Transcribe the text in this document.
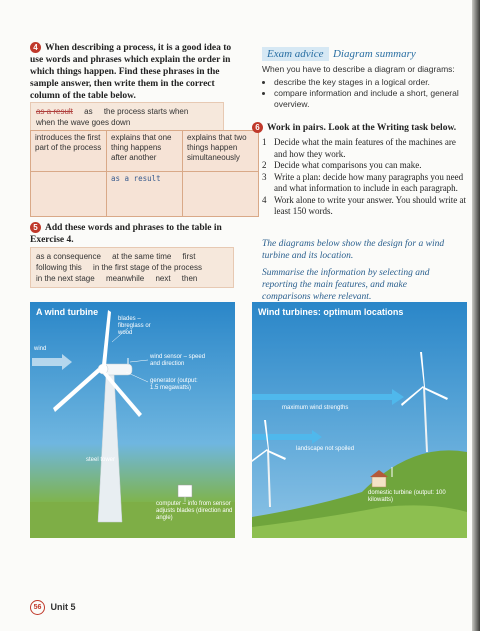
4 When describing a process, it is a good idea to use words and phrases which explain the order in which things happen. Find these phrases in the sample answer, then write them in the correct column of the table below.
as a result as the process starts when
when the wave goes down
introduces the first part of the process	explains that one thing happens after another	explains that two things happen simultaneously
	as a result	
5 Add these words and phrases to the table in Exercise 4.
as a consequence at the same time first
following this in the first stage of the process
in the next stage meanwhile next then
Exam advice Diagram summary
When you have to describe a diagram or diagrams:
• describe the key stages in a logical order.
• compare information and include a short, general overview.
6 Work in pairs. Look at the Writing task below.
1 Decide what the main features of the machines are and how they work.
2 Decide what comparisons you can make.
3 Write a plan: decide how many paragraphs you need and what information to include in each paragraph.
4 Work alone to write your answer. You should write at least 150 words.
The diagrams below show the design for a wind turbine and its location.
Summarise the information by selecting and reporting the main features, and make comparisons where relevant.
A wind turbine
blades – fibreglass or wood
wind
wind sensor – speed and direction
generator (output: 1.5 megawatts)
steel tower
computer – info from sensor adjusts blades (direction and angle)
Wind turbines: optimum locations
maximum wind strengths
landscape not spoiled
domestic turbine (output: 100 kilowatts)
56 Unit 5
